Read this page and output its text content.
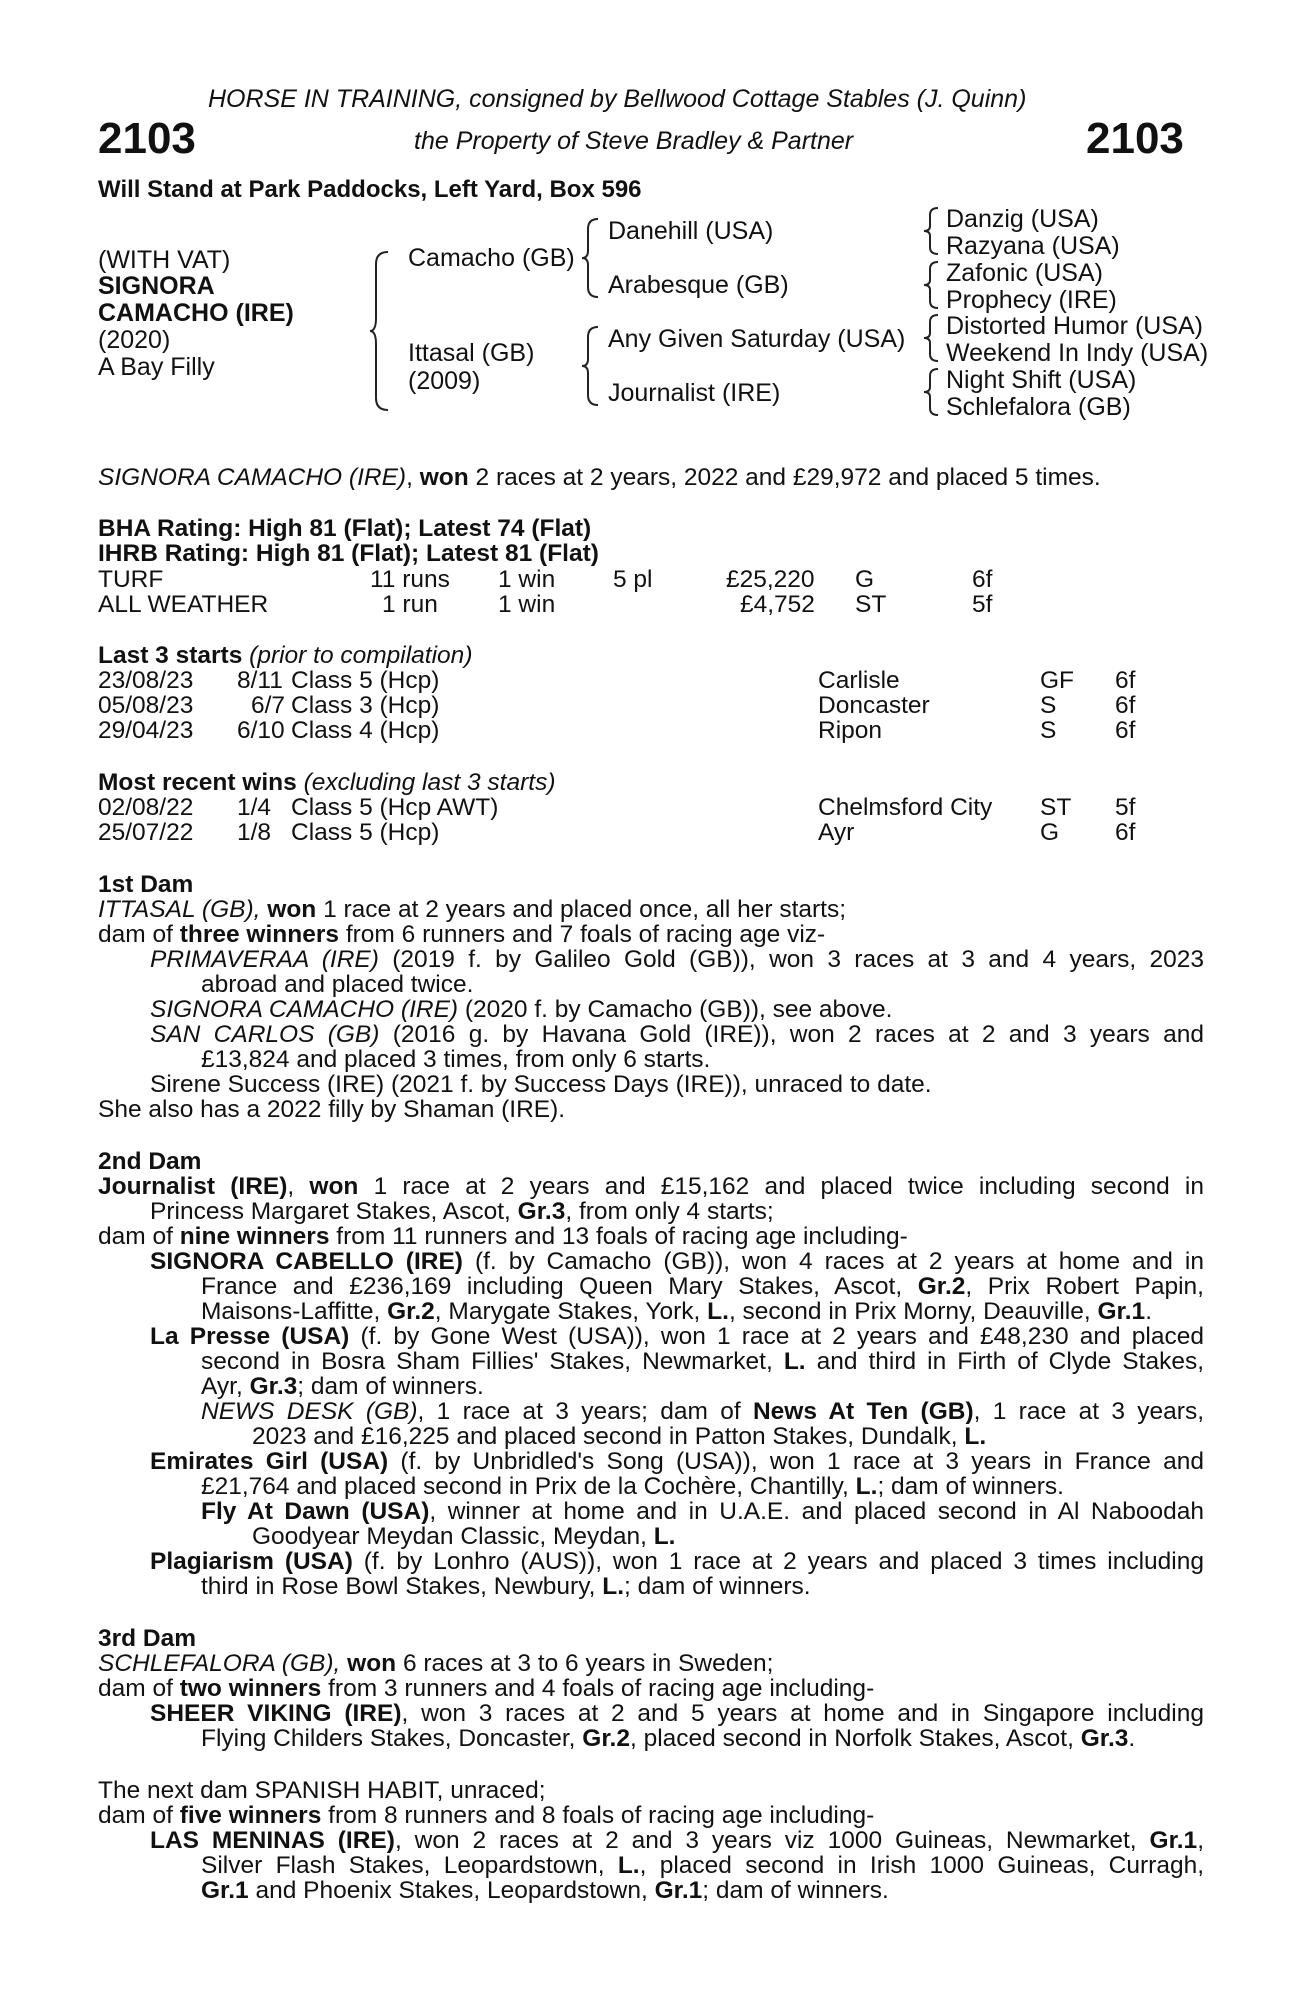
HORSE IN TRAINING, consigned by Bellwood Cottage Stables (J. Quinn)
2103	the Property of Steve Bradley & Partner	2103
Will Stand at Park Paddocks, Left Yard, Box 596
(WITH VAT)
SIGNORA
CAMACHO (IRE)
(2020)
A Bay Filly
Camacho (GB)
Ittasal (GB)
(2009)
Danehill (USA)
Arabesque (GB)
Any Given Saturday (USA)
Journalist (IRE)
Danzig (USA)
Razyana (USA)
Zafonic (USA)
Prophecy (IRE)
Distorted Humor (USA)
Weekend In Indy (USA)
Night Shift (USA)
Schlefalora (GB)
SIGNORA CAMACHO (IRE), won 2 races at 2 years, 2022 and £29,972 and placed 5 times.
BHA Rating: High 81 (Flat); Latest 74 (Flat)
IHRB Rating: High 81 (Flat); Latest 81 (Flat)
TURF	11 runs 1 win 5 pl	£25,220 G	6f
ALL WEATHER	1 run 1 win	£4,752 ST	5f
Last 3 starts (prior to compilation)
23/08/23 8/11 Class 5 (Hcp)	Carlisle	GF 6f
05/08/23 6/7 Class 3 (Hcp)	Doncaster	S 6f
29/04/23 6/10 Class 4 (Hcp)	Ripon	S 6f
Most recent wins (excluding last 3 starts)
02/08/22 1/4 Class 5 (Hcp AWT)	Chelmsford City ST 5f
25/07/22 1/8 Class 5 (Hcp)	Ayr	G 6f
1st Dam
ITTASAL (GB), won 1 race at 2 years and placed once, all her starts;
dam of three winners from 6 runners and 7 foals of racing age viz-
PRIMAVERAA (IRE) (2019 f. by Galileo Gold (GB)), won 3 races at 3 and 4 years, 2023
abroad and placed twice.
SIGNORA CAMACHO (IRE) (2020 f. by Camacho (GB)), see above.
SAN CARLOS (GB) (2016 g. by Havana Gold (IRE)), won 2 races at 2 and 3 years and
£13,824 and placed 3 times, from only 6 starts.
Sirene Success (IRE) (2021 f. by Success Days (IRE)), unraced to date.
She also has a 2022 filly by Shaman (IRE).
2nd Dam
Journalist (IRE), won 1 race at 2 years and £15,162 and placed twice including second in
Princess Margaret Stakes, Ascot, Gr.3, from only 4 starts;
dam of nine winners from 11 runners and 13 foals of racing age including-
SIGNORA CABELLO (IRE) (f. by Camacho (GB)), won 4 races at 2 years at home and in
France and £236,169 including Queen Mary Stakes, Ascot, Gr.2, Prix Robert Papin,
Maisons-Laffitte, Gr.2, Marygate Stakes, York, L., second in Prix Morny, Deauville, Gr.1.
La Presse (USA) (f. by Gone West (USA)), won 1 race at 2 years and £48,230 and placed
second in Bosra Sham Fillies' Stakes, Newmarket, L. and third in Firth of Clyde Stakes,
Ayr, Gr.3; dam of winners.
NEWS DESK (GB), 1 race at 3 years; dam of News At Ten (GB), 1 race at 3 years,
2023 and £16,225 and placed second in Patton Stakes, Dundalk, L.
Emirates Girl (USA) (f. by Unbridled's Song (USA)), won 1 race at 3 years in France and
£21,764 and placed second in Prix de la Cochère, Chantilly, L.; dam of winners.
Fly At Dawn (USA), winner at home and in U.A.E. and placed second in Al Naboodah
Goodyear Meydan Classic, Meydan, L.
Plagiarism (USA) (f. by Lonhro (AUS)), won 1 race at 2 years and placed 3 times including
third in Rose Bowl Stakes, Newbury, L.; dam of winners.
3rd Dam
SCHLEFALORA (GB), won 6 races at 3 to 6 years in Sweden;
dam of two winners from 3 runners and 4 foals of racing age including-
SHEER VIKING (IRE), won 3 races at 2 and 5 years at home and in Singapore including
Flying Childers Stakes, Doncaster, Gr.2, placed second in Norfolk Stakes, Ascot, Gr.3.
The next dam SPANISH HABIT, unraced;
dam of five winners from 8 runners and 8 foals of racing age including-
LAS MENINAS (IRE), won 2 races at 2 and 3 years viz 1000 Guineas, Newmarket, Gr.1,
Silver Flash Stakes, Leopardstown, L., placed second in Irish 1000 Guineas, Curragh,
Gr.1 and Phoenix Stakes, Leopardstown, Gr.1; dam of winners.
